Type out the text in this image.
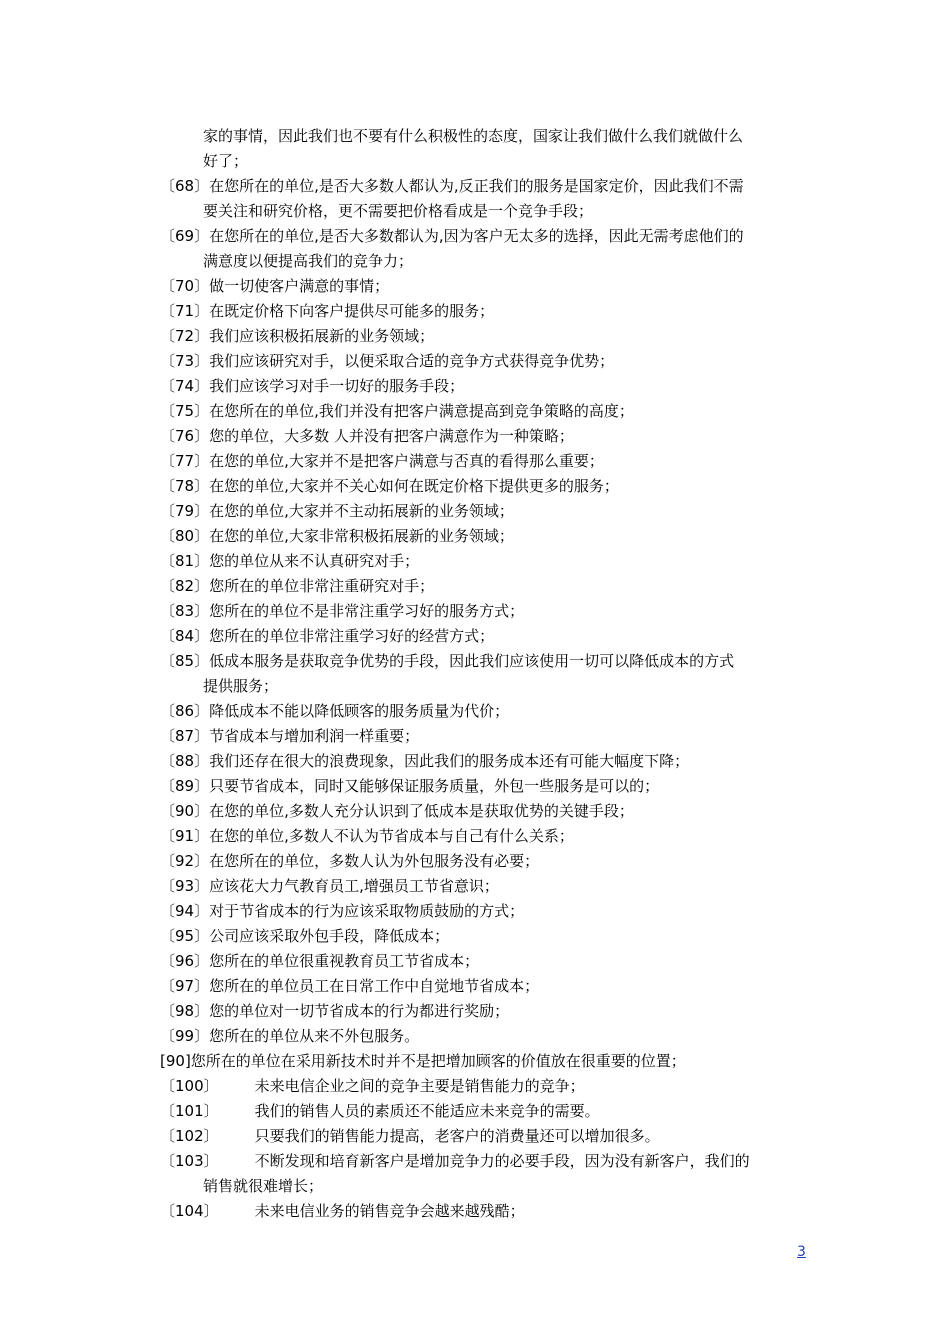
家的事情，因此我们也不要有什么积极性的态度，国家让我们做什么我们就做什么
好了；
〔68〕在您所在的单位,是否大多数人都认为,反正我们的服务是国家定价，因此我们不需
要关注和研究价格，更不需要把价格看成是一个竞争手段；
〔69〕在您所在的单位,是否大多数都认为,因为客户无太多的选择，因此无需考虑他们的
满意度以便提高我们的竞争力；
〔70〕做一切使客户满意的事情；
〔71〕在既定价格下向客户提供尽可能多的服务；
〔72〕我们应该积极拓展新的业务领域；
〔73〕我们应该研究对手，以便采取合适的竞争方式获得竞争优势；
〔74〕我们应该学习对手一切好的服务手段；
〔75〕在您所在的单位,我们并没有把客户满意提高到竞争策略的高度；
〔76〕您的单位，大多数 人并没有把客户满意作为一种策略；
〔77〕在您的单位,大家并不是把客户满意与否真的看得那么重要；
〔78〕在您的单位,大家并不关心如何在既定价格下提供更多的服务；
〔79〕在您的单位,大家并不主动拓展新的业务领域；
〔80〕在您的单位,大家非常积极拓展新的业务领域；
〔81〕您的单位从来不认真研究对手；
〔82〕您所在的单位非常注重研究对手；
〔83〕您所在的单位不是非常注重学习好的服务方式；
〔84〕您所在的单位非常注重学习好的经营方式；
〔85〕低成本服务是获取竞争优势的手段，因此我们应该使用一切可以降低成本的方式
提供服务；
〔86〕降低成本不能以降低顾客的服务质量为代价；
〔87〕节省成本与增加利润一样重要；
〔88〕我们还存在很大的浪费现象，因此我们的服务成本还有可能大幅度下降；
〔89〕只要节省成本，同时又能够保证服务质量，外包一些服务是可以的；
〔90〕在您的单位,多数人充分认识到了低成本是获取优势的关键手段；
〔91〕在您的单位,多数人不认为节省成本与自己有什么关系；
〔92〕在您所在的单位，多数人认为外包服务没有必要；
〔93〕应该花大力气教育员工,增强员工节省意识；
〔94〕对于节省成本的行为应该采取物质鼓励的方式；
〔95〕公司应该采取外包手段，降低成本；
〔96〕您所在的单位很重视教育员工节省成本；
〔97〕您所在的单位员工在日常工作中自觉地节省成本；
〔98〕您的单位对一切节省成本的行为都进行奖励；
〔99〕您所在的单位从来不外包服务。
[90]您所在的单位在采用新技术时并不是把增加顾客的价值放在很重要的位置；
〔100〕 未来电信企业之间的竞争主要是销售能力的竞争；
〔101〕 我们的销售人员的素质还不能适应未来竞争的需要。
〔102〕 只要我们的销售能力提高，老客户的消费量还可以增加很多。
〔103〕 不断发现和培育新客户是增加竞争力的必要手段，因为没有新客户，我们的
销售就很难增长；
〔104〕 未来电信业务的销售竞争会越来越残酷；
3
